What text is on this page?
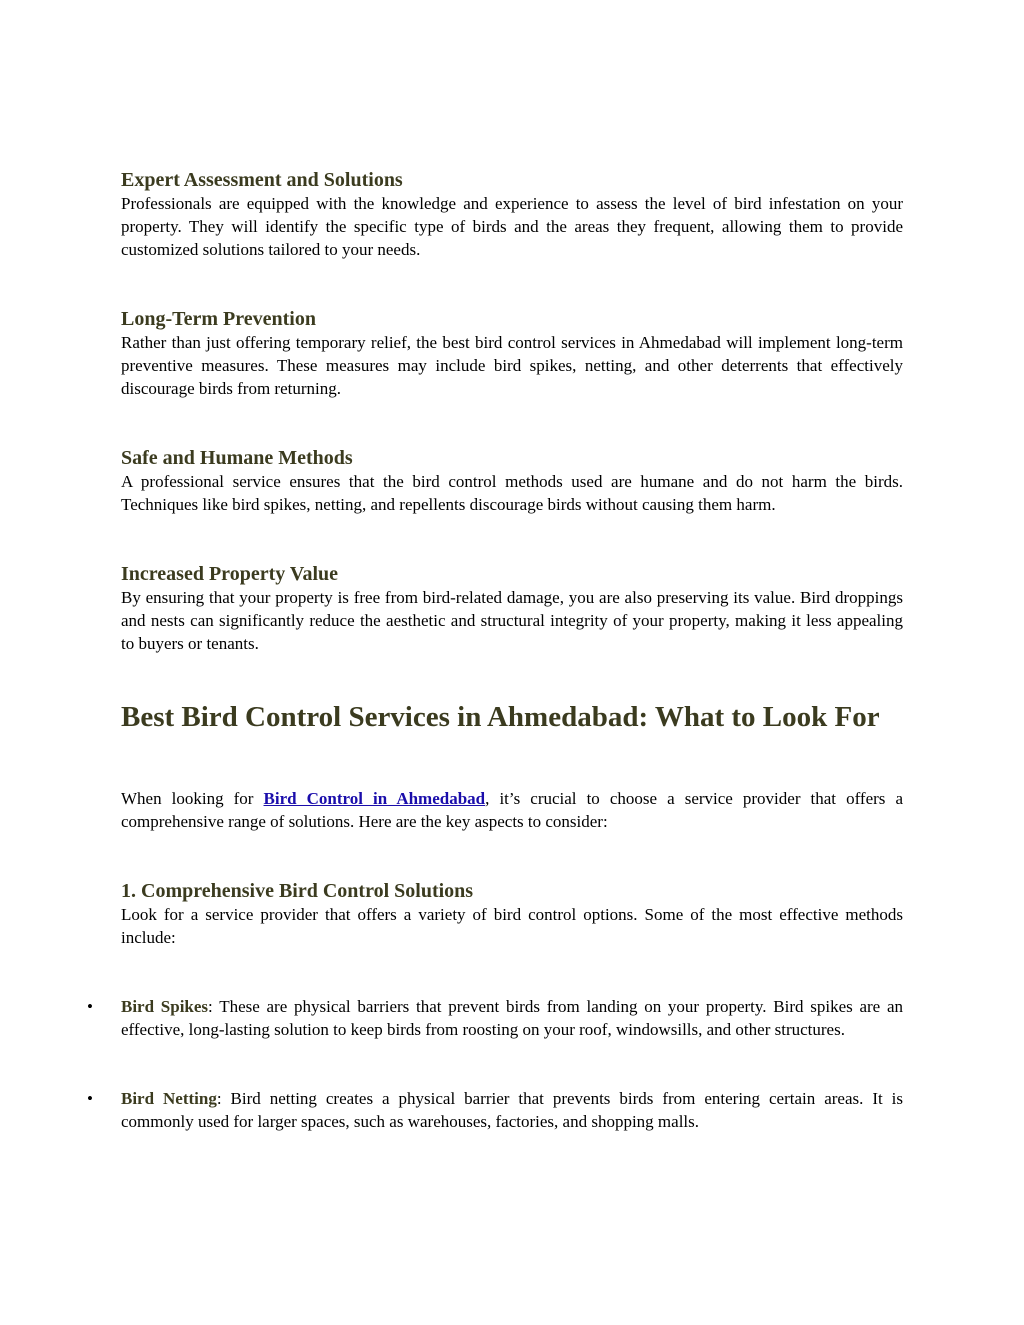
Expert Assessment and Solutions

Professionals are equipped with the knowledge and experience to assess the level of bird infestation on your property. They will identify the specific type of birds and the areas they frequent, allowing them to provide customized solutions tailored to your needs.

Long-Term Prevention

Rather than just offering temporary relief, the best bird control services in Ahmedabad will implement long-term preventive measures. These measures may include bird spikes, netting, and other deterrents that effectively discourage birds from returning.

Safe and Humane Methods

A professional service ensures that the bird control methods used are humane and do not harm the birds. Techniques like bird spikes, netting, and repellents discourage birds without causing them harm.

Increased Property Value

By ensuring that your property is free from bird-related damage, you are also preserving its value. Bird droppings and nests can significantly reduce the aesthetic and structural integrity of your property, making it less appealing to buyers or tenants.

Best Bird Control Services in Ahmedabad: What to Look For

When looking for Bird Control in Ahmedabad, it’s crucial to choose a service provider that offers a comprehensive range of solutions. Here are the key aspects to consider:

1. Comprehensive Bird Control Solutions

Look for a service provider that offers a variety of bird control options. Some of the most effective methods include:

• Bird Spikes: These are physical barriers that prevent birds from landing on your property. Bird spikes are an effective, long-lasting solution to keep birds from roosting on your roof, windowsills, and other structures.
• Bird Netting: Bird netting creates a physical barrier that prevents birds from entering certain areas. It is commonly used for larger spaces, such as warehouses, factories, and shopping malls.
